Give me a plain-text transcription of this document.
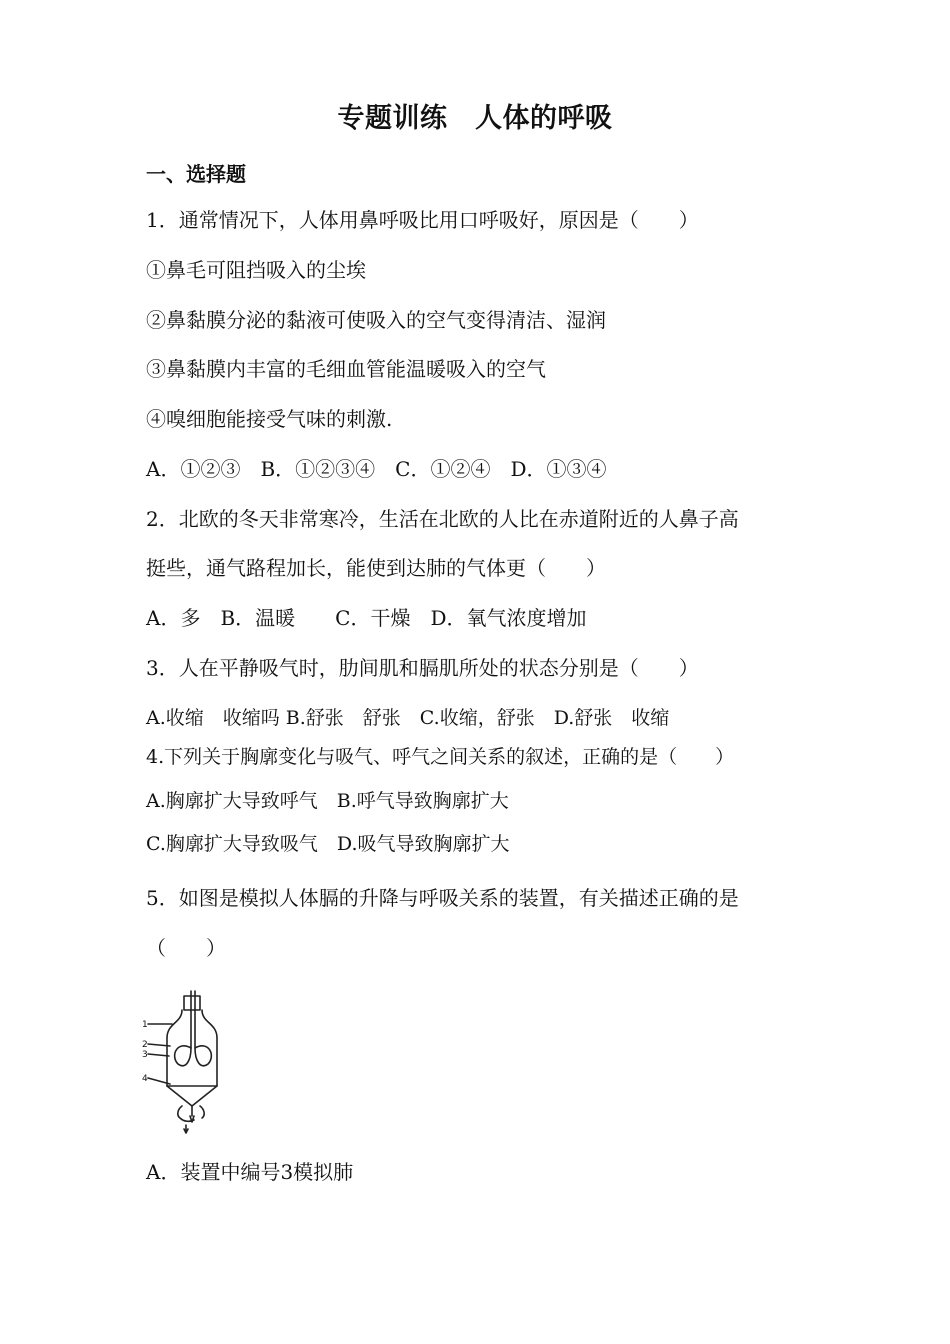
专题训练　人体的呼吸
一、选择题
1．通常情况下，人体用鼻呼吸比用口呼吸好，原因是（　　）
①鼻毛可阻挡吸入的尘埃
②鼻黏膜分泌的黏液可使吸入的空气变得清洁、湿润
③鼻黏膜内丰富的毛细血管能温暖吸入的空气
④嗅细胞能接受气味的刺激.
A．①②③　B．①②③④　C．①②④　D．①③④
2．北欧的冬天非常寒冷，生活在北欧的人比在赤道附近的人鼻子高
挺些，通气路程加长，能使到达肺的气体更（　　）
A．多　B．温暖　　C．干燥　D．氧气浓度增加
3．人在平静吸气时，肋间肌和膈肌所处的状态分别是（　　）
A.收缩　收缩吗 B.舒张　舒张　C.收缩，舒张　D.舒张　收缩
4.下列关于胸廓变化与吸气、呼气之间关系的叙述，正确的是（　　）
A.胸廓扩大导致呼气　B.呼气导致胸廓扩大
C.胸廓扩大导致吸气　D.吸气导致胸廓扩大
5．如图是模拟人体膈的升降与呼吸关系的装置，有关描述正确的是
（　　）
1
2
3
4
A．装置中编号3模拟肺
